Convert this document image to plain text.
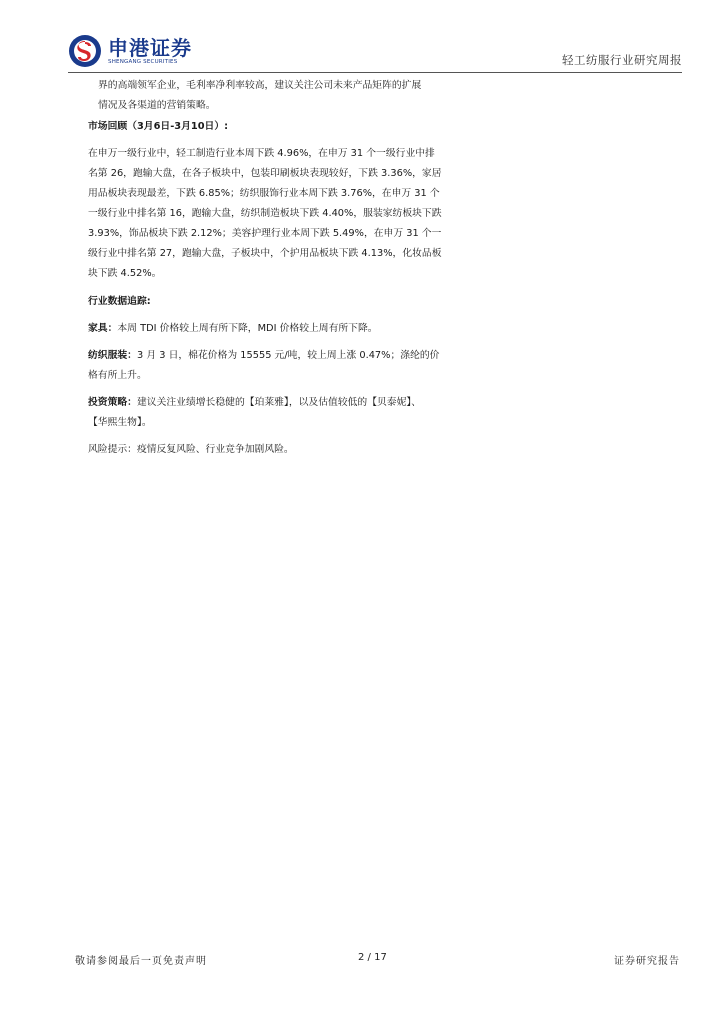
申港证券
SHENGANG SECURITIES	轻工纺服行业研究周报
界的高端领军企业，毛利率净利率较高，建议关注公司未来产品矩阵的扩展
情况及各渠道的营销策略。
市场回顾（3月6日-3月10日）:
在申万一级行业中，轻工制造行业本周下跌 4.96%，在申万 31 个一级行业中排
名第 26，跑输大盘，在各子板块中，包装印刷板块表现较好，下跌 3.36%，家居
用品板块表现最差，下跌 6.85%；纺织服饰行业本周下跌 3.76%，在申万 31 个
一级行业中排名第 16，跑输大盘，纺织制造板块下跌 4.40%，服装家纺板块下跌
3.93%，饰品板块下跌 2.12%；美容护理行业本周下跌 5.49%，在申万 31 个一
级行业中排名第 27，跑输大盘，子板块中，个护用品板块下跌 4.13%，化妆品板
块下跌 4.52%。
行业数据追踪:
家具：本周 TDI 价格较上周有所下降，MDI 价格较上周有所下降。
纺织服装：3 月 3 日，棉花价格为 15555 元/吨，较上周上涨 0.47%；涤纶的价
格有所上升。
投资策略：建议关注业绩增长稳健的【珀莱雅】，以及估值较低的【贝泰妮】、
【华熙生物】。
风险提示：疫情反复风险、行业竞争加剧风险。
敬请参阅最后一页免责声明	2 / 17	证券研究报告
